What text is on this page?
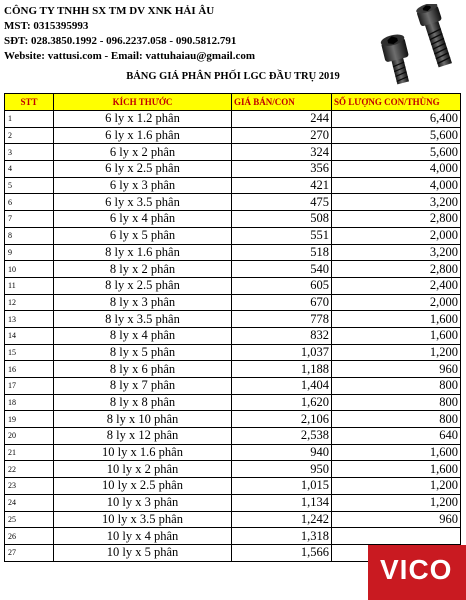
CÔNG TY TNHH SX TM DV XNK HẢI ÂU
MST: 0315395993
SĐT: 028.3850.1992 - 096.2237.058 - 090.5812.791
Website: vattusi.com - Email: vattuhaiau@gmail.com
BẢNG GIÁ PHÂN PHỐI LGC ĐẦU TRỤ 2019
STT	KÍCH THƯỚC	GIÁ BÁN/CON	SỐ LƯỢNG CON/THÙNG
1	6 ly x 1.2 phân	244	6,400
2	6 ly x 1.6 phân	270	5,600
3	6 ly x 2 phân	324	5,600
4	6 ly x 2.5 phân	356	4,000
5	6 ly x 3 phân	421	4,000
6	6 ly x 3.5 phân	475	3,200
7	6 ly x 4 phân	508	2,800
8	6 ly x 5 phân	551	2,000
9	8 ly x 1.6 phân	518	3,200
10	8 ly x 2 phân	540	2,800
11	8 ly x 2.5 phân	605	2,400
12	8 ly x 3 phân	670	2,000
13	8 ly x 3.5 phân	778	1,600
14	8 ly x 4 phân	832	1,600
15	8 ly x 5 phân	1,037	1,200
16	8 ly x 6 phân	1,188	960
17	8 ly x 7 phân	1,404	800
18	8 ly x 8 phân	1,620	800
19	8 ly x 10 phân	2,106	800
20	8 ly x 12 phân	2,538	640
21	10 ly x 1.6 phân	940	1,600
22	10 ly x 2 phân	950	1,600
23	10 ly x 2.5 phân	1,015	1,200
24	10 ly x 3 phân	1,134	1,200
25	10 ly x 3.5 phân	1,242	960
26	10 ly x 4 phân	1,318	
27	10 ly x 5 phân	1,566	
VICO
